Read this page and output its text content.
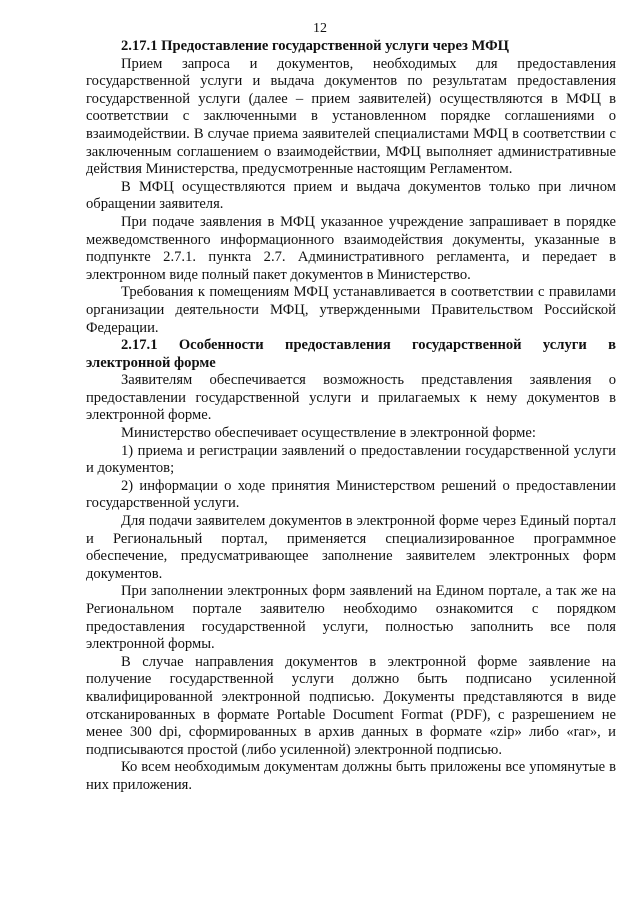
12
2.17.1 Предоставление государственной услуги через МФЦ
Прием запроса и документов, необходимых для предоставления государственной услуги и выдача документов по результатам предоставления государственной услуги (далее – прием заявителей) осуществляются в МФЦ в соответствии с заключенными в установленном порядке соглашениями о взаимодействии. В случае приема заявителей специалистами МФЦ в соответствии с заключенным соглашением о взаимодействии, МФЦ выполняет административные действия Министерства, предусмотренные настоящим Регламентом.
В МФЦ осуществляются прием и выдача документов только при личном обращении заявителя.
При подаче заявления в МФЦ указанное учреждение запрашивает в порядке межведомственного информационного взаимодействия документы, указанные в подпункте 2.7.1. пункта 2.7. Административного регламента, и передает в электронном виде полный пакет документов в Министерство.
Требования к помещениям МФЦ устанавливается в соответствии с правилами организации деятельности МФЦ, утвержденными Правительством Российской Федерации.
2.17.1 Особенности предоставления государственной услуги в
электронной форме
Заявителям обеспечивается возможность представления заявления о предоставлении государственной услуги и прилагаемых к нему документов в электронной форме.
Министерство обеспечивает осуществление в электронной форме:
1) приема и регистрации заявлений о предоставлении государственной услуги и документов;
2) информации о ходе принятия Министерством решений о предоставлении государственной услуги.
Для подачи заявителем документов в электронной форме через Единый портал и Региональный портал, применяется специализированное программное обеспечение, предусматривающее заполнение заявителем электронных форм документов.
При заполнении электронных форм заявлений на Едином портале, а так же на Региональном портале заявителю необходимо ознакомится с порядком предоставления государственной услуги, полностью заполнить все поля электронной формы.
В случае направления документов в электронной форме заявление на получение государственной услуги должно быть подписано усиленной квалифицированной электронной подписью. Документы представляются в виде отсканированных в формате Portable Document Format (PDF), с разрешением не менее 300 dpi, сформированных в архив данных в формате «zip» либо «rar», и подписываются простой (либо усиленной) электронной подписью.
Ко всем необходимым документам должны быть приложены все упомянутые в них приложения.
